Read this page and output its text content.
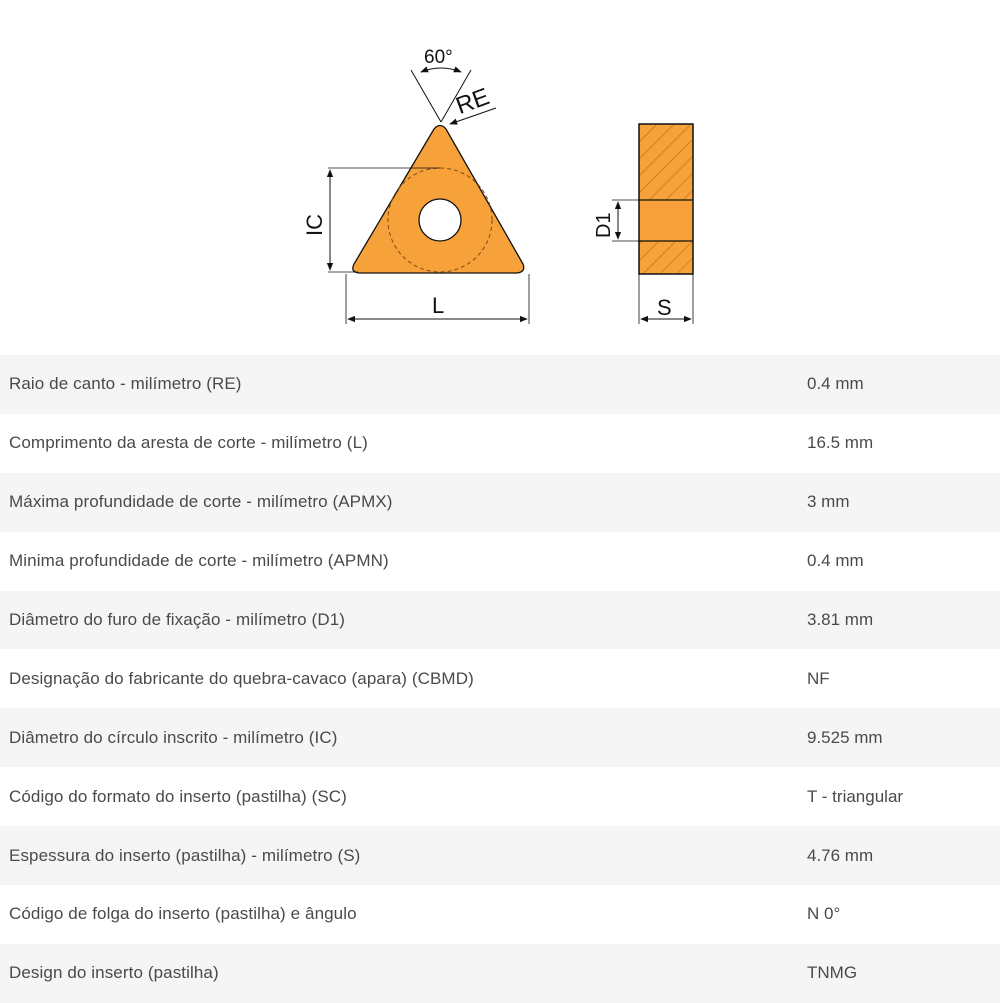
60°
RE
IC
L
D1
S
Raio de canto - milímetro (RE)	0.4 mm
Comprimento da aresta de corte - milímetro (L)	16.5 mm
Máxima profundidade de corte - milímetro (APMX)	3 mm
Minima profundidade de corte - milímetro (APMN)	0.4 mm
Diâmetro do furo de fixação - milímetro (D1)	3.81 mm
Designação do fabricante do quebra-cavaco (apara) (CBMD)	NF
Diâmetro do círculo inscrito - milímetro (IC)	9.525 mm
Código do formato do inserto (pastilha) (SC)	T - triangular
Espessura do inserto (pastilha) - milímetro (S)	4.76 mm
Código de folga do inserto (pastilha) e ângulo	N 0°
Design do inserto (pastilha)	TNMG
